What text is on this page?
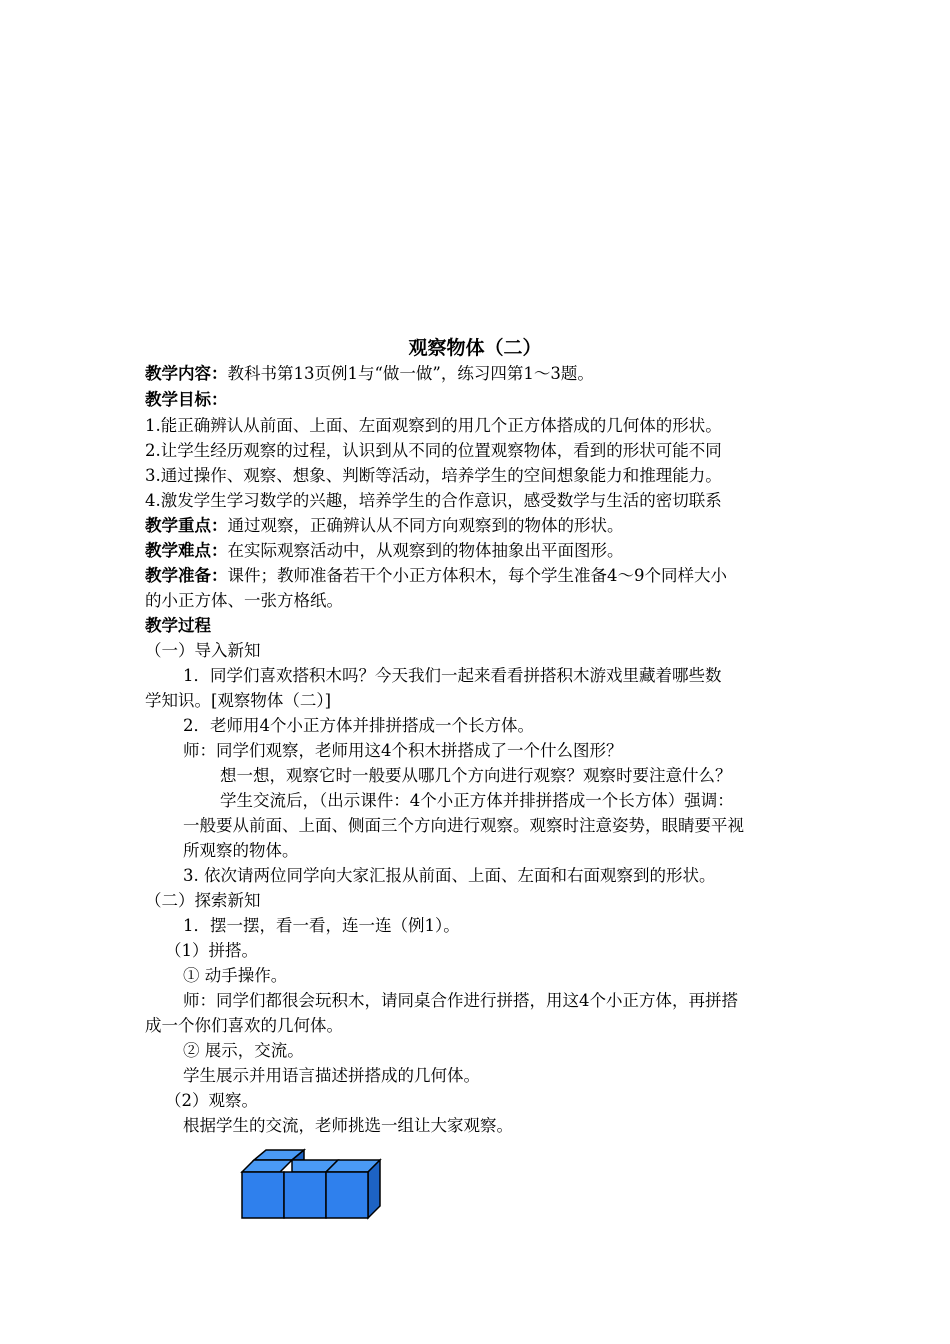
观察物体（二）
教学内容：教科书第13页例1与“做一做”，练习四第1～3题。
教学目标：
1.能正确辨认从前面、上面、左面观察到的用几个正方体搭成的几何体的形状。
2.让学生经历观察的过程，认识到从不同的位置观察物体，看到的形状可能不同
3.通过操作、观察、想象、判断等活动，培养学生的空间想象能力和推理能力。
4.激发学生学习数学的兴趣，培养学生的合作意识，感受数学与生活的密切联系
教学重点：通过观察，正确辨认从不同方向观察到的物体的形状。
教学难点：在实际观察活动中，从观察到的物体抽象出平面图形。
教学准备：课件；教师准备若干个小正方体积木，每个学生准备4～9个同样大小
的小正方体、一张方格纸。
教学过程
（一）导入新知
1．同学们喜欢搭积木吗？今天我们一起来看看拼搭积木游戏里藏着哪些数
学知识。[观察物体（二）]
2．老师用4个小正方体并排拼搭成一个长方体。
师：同学们观察，老师用这4个积木拼搭成了一个什么图形？
想一想，观察它时一般要从哪几个方向进行观察？观察时要注意什么？
学生交流后，（出示课件：4个小正方体并排拼搭成一个长方体）强调：
一般要从前面、上面、侧面三个方向进行观察。观察时注意姿势，眼睛要平视
所观察的物体。
3. 依次请两位同学向大家汇报从前面、上面、左面和右面观察到的形状。
（二）探索新知
1．摆一摆，看一看，连一连（例1）。
（1）拼搭。
① 动手操作。
师：同学们都很会玩积木，请同桌合作进行拼搭，用这4个小正方体，再拼搭
成一个你们喜欢的几何体。
② 展示，交流。
学生展示并用语言描述拼搭成的几何体。
（2）观察。
根据学生的交流，老师挑选一组让大家观察。
